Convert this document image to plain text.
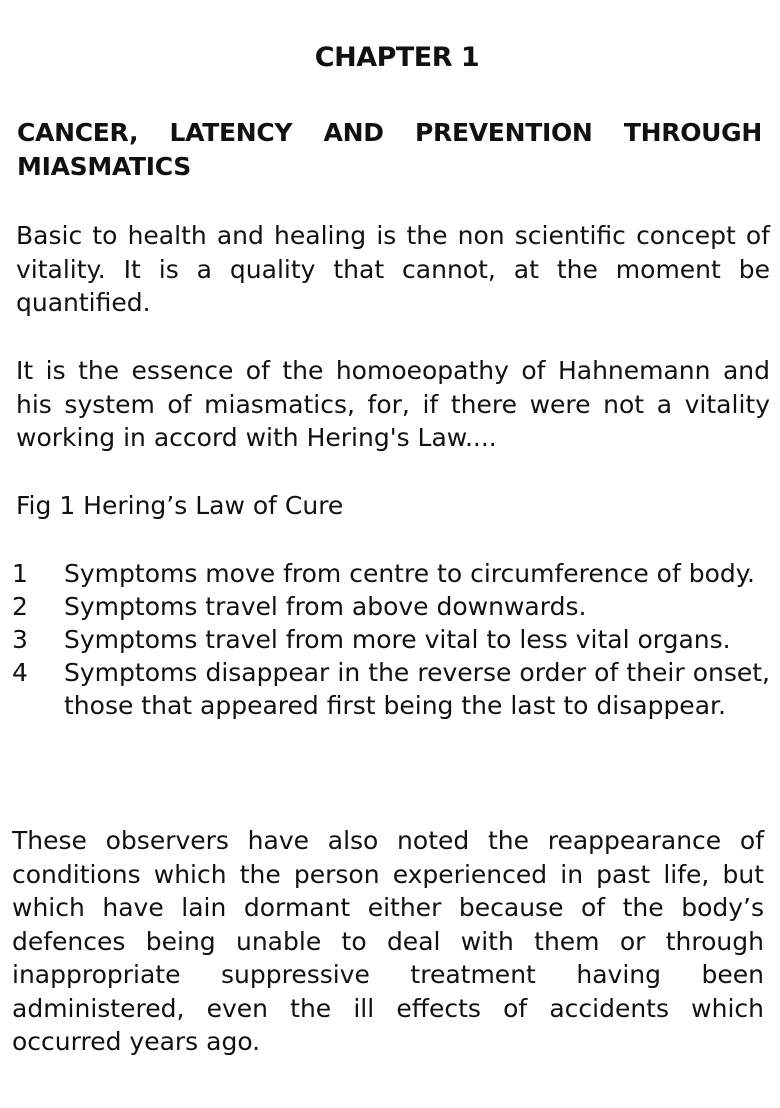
CHAPTER 1
CANCER, LATENCY AND PREVENTION THROUGH MIASMATICS

Basic to health and healing is the non scientific concept of vitality. It is a quality that cannot, at the moment be quantified.

It is the essence of the homoeopathy of Hahnemann and his system of miasmatics, for, if there were not a vitality working in accord with Hering's Law....

Fig 1 Hering’s Law of Cure
1	Symptoms move from centre to circumference of body.
2	Symptoms travel from above downwards.
3	Symptoms travel from more vital to less vital organs.
4	Symptoms disappear in the reverse order of their onset, those that appeared first being the last to disappear.

These observers have also noted the reappearance of conditions which the person experienced in past life, but which have lain dormant either because of the body’s defences being unable to deal with them or through inappropriate suppressive treatment having been administered, even the ill effects of accidents which occurred years ago.
